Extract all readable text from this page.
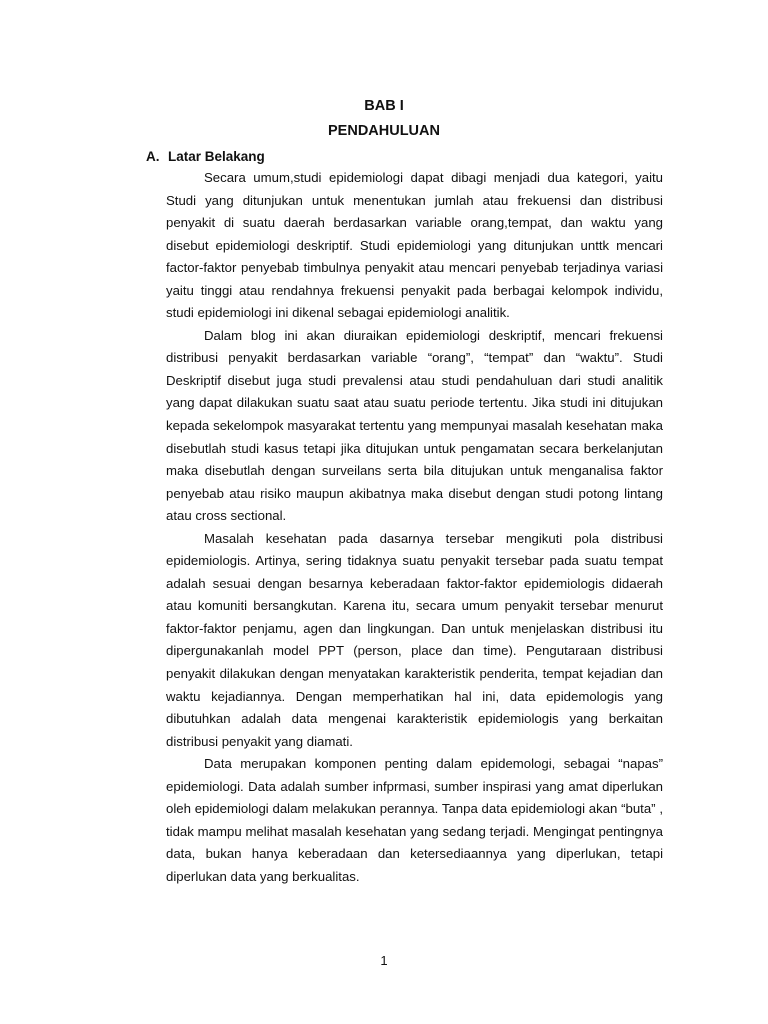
BAB I
PENDAHULUAN
A. Latar Belakang

Secara umum,studi epidemiologi dapat dibagi menjadi dua kategori, yaitu Studi yang ditunjukan untuk menentukan jumlah atau frekuensi dan distribusi penyakit di suatu daerah berdasarkan variable orang,tempat, dan waktu yang disebut epidemiologi deskriptif. Studi epidemiologi yang ditunjukan unttk mencari factor-faktor penyebab timbulnya penyakit atau mencari penyebab terjadinya variasi yaitu tinggi atau rendahnya frekuensi penyakit pada berbagai kelompok individu, studi epidemiologi ini dikenal sebagai epidemiologi analitik.

Dalam blog ini akan diuraikan epidemiologi deskriptif, mencari frekuensi distribusi penyakit berdasarkan variable “orang”, “tempat” dan “waktu”. Studi Deskriptif disebut juga studi prevalensi atau studi pendahuluan dari studi analitik yang dapat dilakukan suatu saat atau suatu periode tertentu. Jika studi ini ditujukan kepada sekelompok masyarakat tertentu yang mempunyai masalah kesehatan maka disebutlah studi kasus tetapi jika ditujukan untuk pengamatan secara berkelanjutan maka disebutlah dengan surveilans serta bila ditujukan untuk menganalisa faktor penyebab atau risiko maupun akibatnya maka disebut dengan studi potong lintang atau cross sectional.

Masalah kesehatan pada dasarnya tersebar mengikuti pola distribusi epidemiologis. Artinya, sering tidaknya suatu penyakit tersebar pada suatu tempat adalah sesuai dengan besarnya keberadaan faktor-faktor epidemiologis didaerah atau komuniti bersangkutan. Karena itu, secara umum penyakit tersebar menurut faktor-faktor penjamu, agen dan lingkungan. Dan untuk menjelaskan distribusi itu dipergunakanlah model PPT (person, place dan time). Pengutaraan distribusi penyakit dilakukan dengan menyatakan karakteristik penderita, tempat kejadian dan waktu kejadiannya. Dengan memperhatikan hal ini, data epidemologis yang dibutuhkan adalah data mengenai karakteristik epidemiologis yang berkaitan distribusi penyakit yang diamati.

Data merupakan komponen penting dalam epidemologi, sebagai “napas” epidemiologi. Data adalah sumber infprmasi, sumber inspirasi yang amat diperlukan oleh epidemiologi dalam melakukan perannya. Tanpa data epidemiologi akan “buta” , tidak mampu melihat masalah kesehatan yang sedang terjadi. Mengingat pentingnya data, bukan hanya keberadaan dan ketersediaannya yang diperlukan, tetapi diperlukan data yang berkualitas.

1
